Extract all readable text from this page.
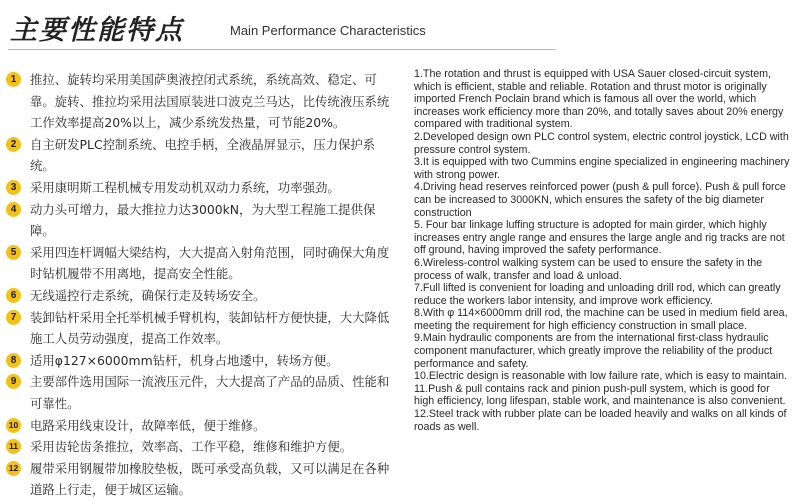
主要性能特点	Main Performance Characteristics
1	推拉、旋转均采用美国萨奥液控闭式系统，系统高效、稳定、可靠。旋转、推拉均采用法国原装进口波克兰马达，比传统液压系统工作效率提高20%以上，减少系统发热量，可节能20%。
2	自主研发PLC控制系统、电控手柄，全液晶屏显示，压力保护系统。
3	采用康明斯工程机械专用发动机双动力系统，功率强劲。
4	动力头可增力，最大推拉力达3000kN，为大型工程施工提供保障。
5	采用四连杆调幅大梁结构，大大提高入射角范围，同时确保大角度时钻机履带不用离地，提高安全性能。
6	无线遥控行走系统，确保行走及转场安全。
7	装卸钻杆采用全托举机械手臂机构，装卸钻杆方便快捷，大大降低施工人员劳动强度，提高工作效率。
8	适用φ127×6000mm钻杆，机身占地逶中，转场方便。
9	主要部件选用国际一流液压元件，大大提高了产品的品质、性能和可靠性。
10 电路采用线束设计，故障率低，便于维修。
11 采用齿轮齿条推拉，效率高、工作平稳，维修和维护方便。
12 履带采用钢履带加橡胶垫板，既可承受高负载，又可以满足在各种道路上行走，便于城区运输。

1.The rotation and thrust is equipped with USA Sauer closed-circuit system, which is efficient, stable and reliable. Rotation and thrust motor is originally imported French Poclain brand which is famous all over the world, which increases work efficiency more than 20%, and totally saves about 20% energy compared with traditional system.

2.Developed design own PLC control system, electric control joystick, LCD with pressure control system.

3.It is equipped with two Cummins engine specialized in engineering machinery with strong power.

4.Driving head reserves reinforced power (push & pull force). Push & pull force can be increased to 3000KN, which ensures the safety of the big diameter construction

5. Four bar linkage luffing structure is adopted for main girder, which highly increases entry angle range and ensures the large angle and rig tracks are not off ground, having improved the safety performance.

6.Wireless-control walking system can be used to ensure the safety in the process of walk, transfer and load & unload.

7.Full lifted is convenient for loading and unloading drill rod, which can greatly reduce the workers labor intensity, and improve work efficiency.

8.With φ 114×6000mm drill rod, the machine can be used in medium field area, meeting the requirement for high efficiency construction in small place.

9.Main hydraulic components are from the international first-class hydraulic component manufacturer, which greatly improve the reliability of the product performance and safety.

10.Electric design is reasonable with low failure rate, which is easy to maintain.

11.Push & pull contains rack and pinion push-pull system, which is good for high efficiency, long lifespan, stable work, and maintenance is also convenient.

12.Steel track with rubber plate can be loaded heavily and walks on all kinds of roads as well.
